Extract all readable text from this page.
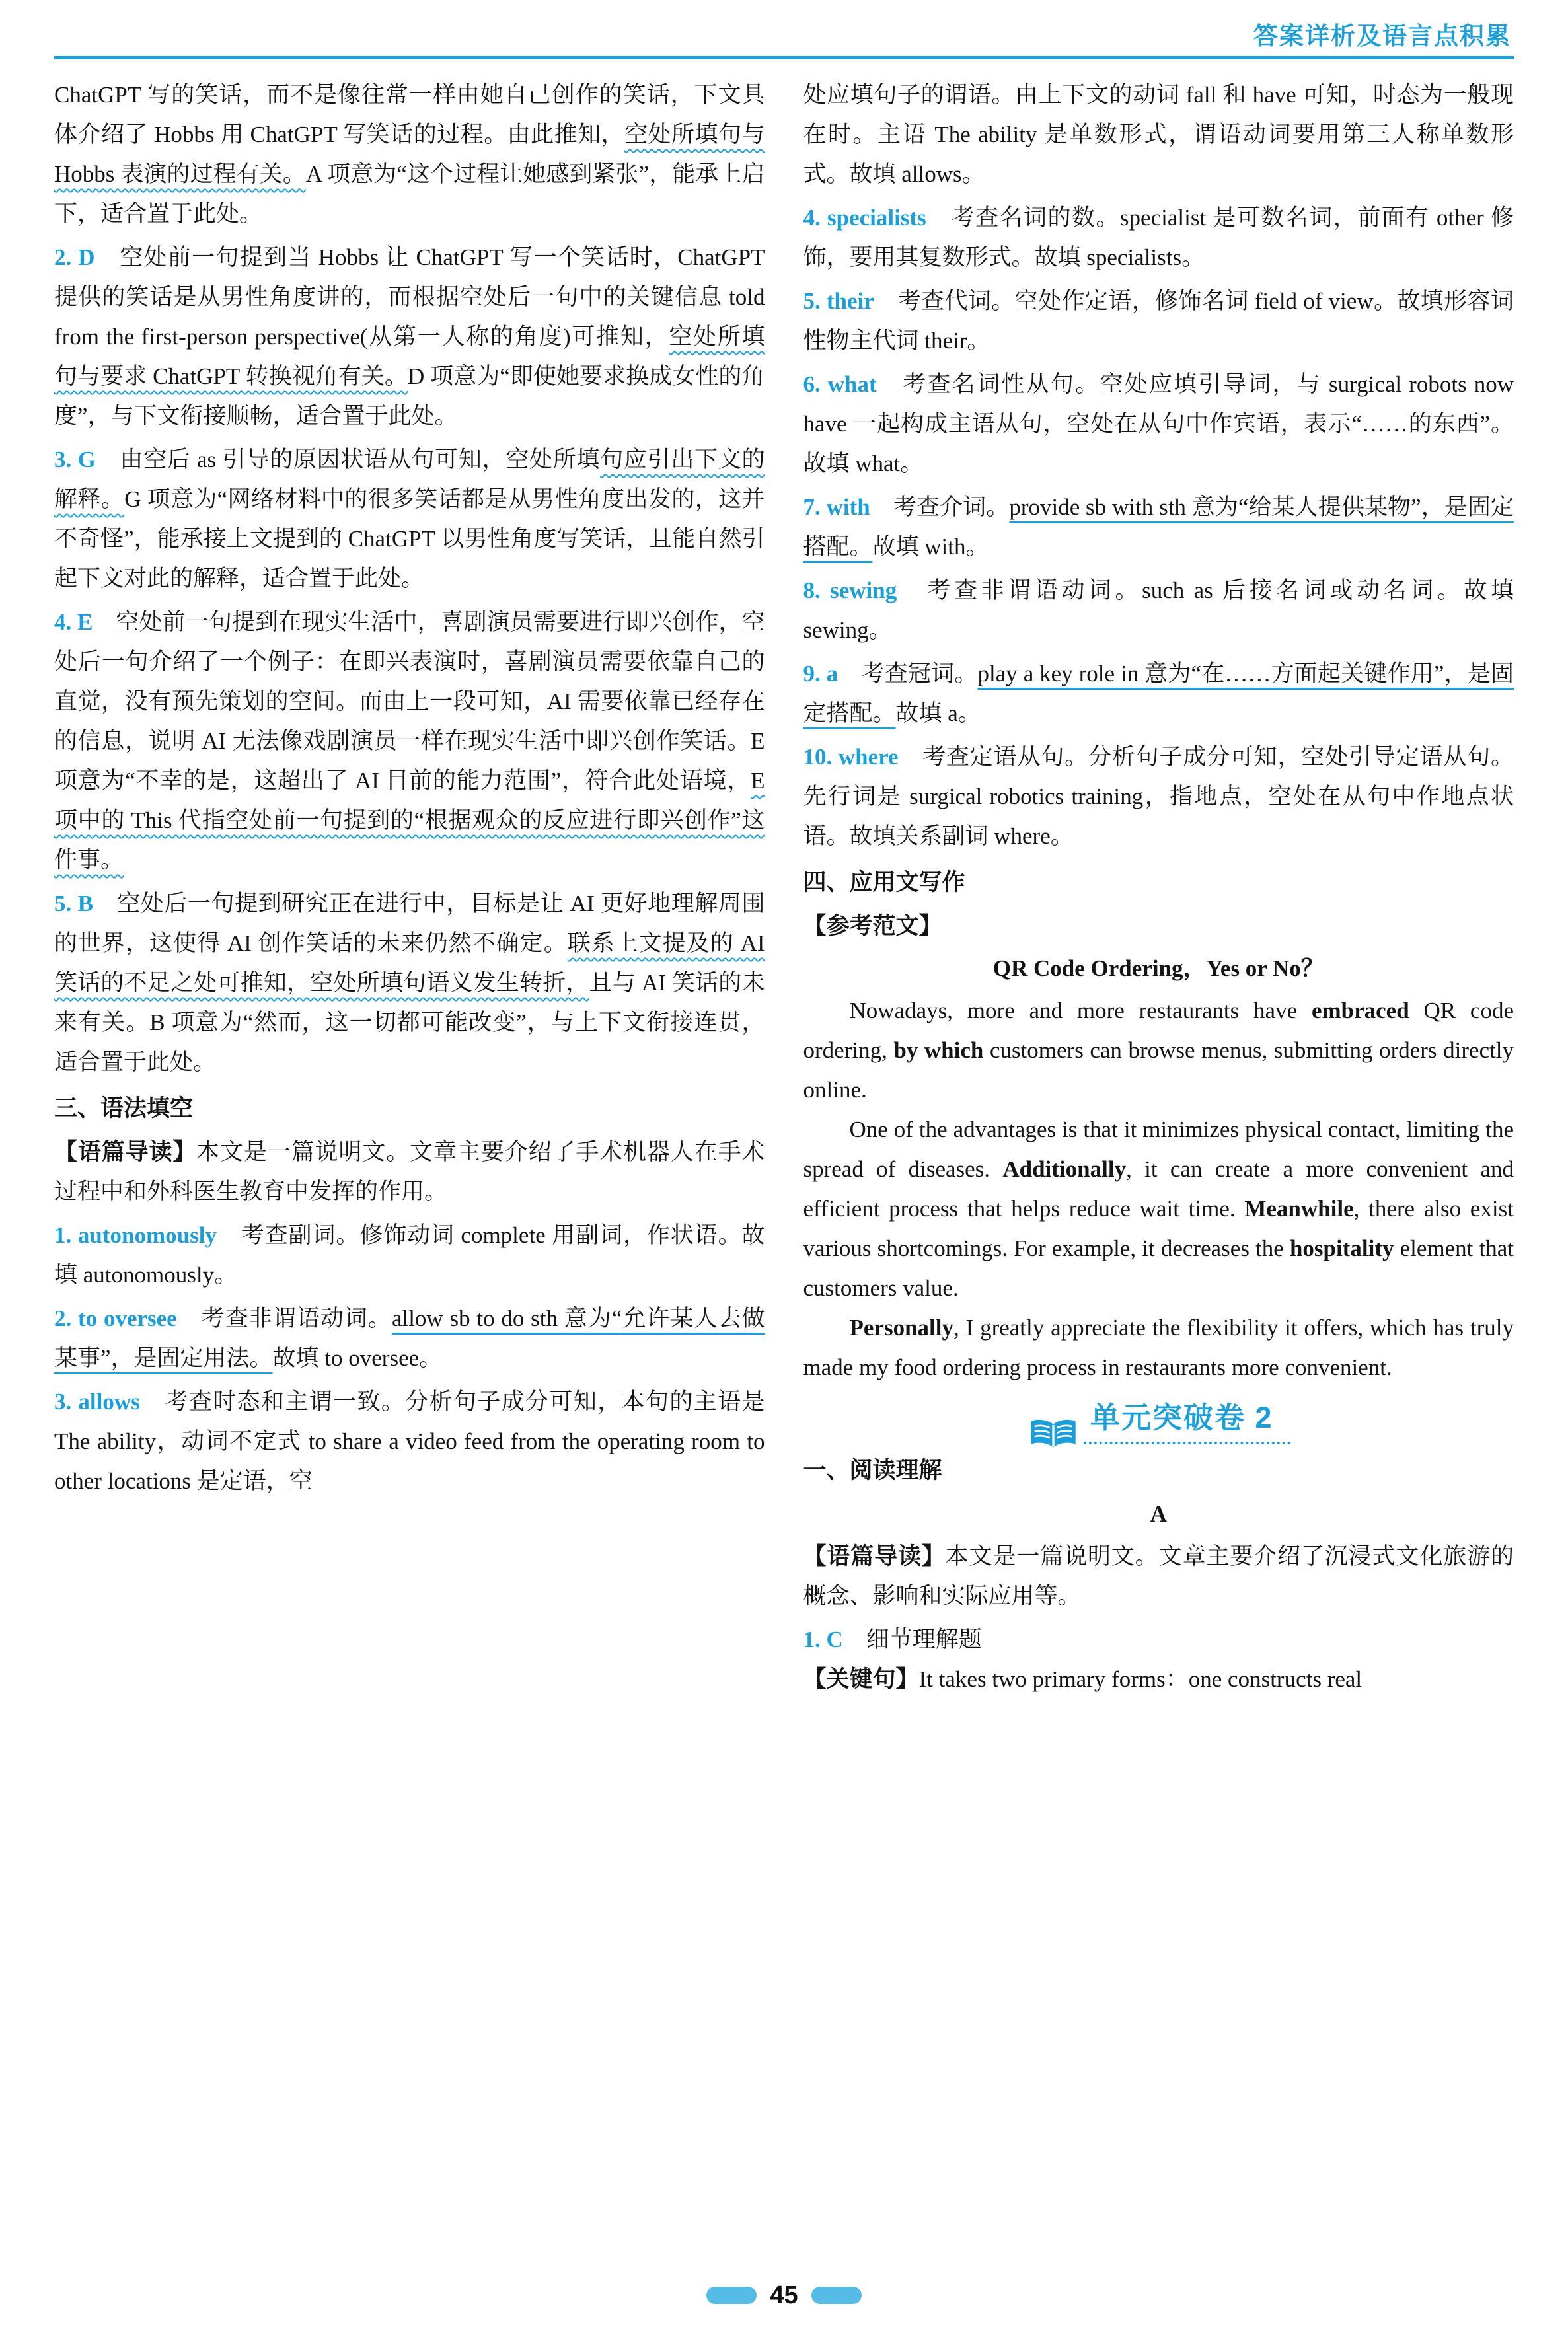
答案详析及语言点积累
ChatGPT 写的笑话，而不是像往常一样由她自己创作的笑话，下文具体介绍了 Hobbs 用 ChatGPT 写笑话的过程。由此推知，空处所填句与 Hobbs 表演的过程有关。A 项意为“这个过程让她感到紧张”，能承上启下，适合置于此处。
2. D　空处前一句提到当 Hobbs 让 ChatGPT 写一个笑话时，ChatGPT 提供的笑话是从男性角度讲的，而根据空处后一句中的关键信息 told from the first-person perspective(从第一人称的角度)可推知，空处所填句与要求 ChatGPT 转换视角有关。D 项意为“即使她要求换成女性的角度”，与下文衔接顺畅，适合置于此处。
3. G　由空后 as 引导的原因状语从句可知，空处所填句应引出下文的解释。G 项意为“网络材料中的很多笑话都是从男性角度出发的，这并不奇怪”，能承接上文提到的 ChatGPT 以男性角度写笑话，且能自然引起下文对此的解释，适合置于此处。
4. E　空处前一句提到在现实生活中，喜剧演员需要进行即兴创作，空处后一句介绍了一个例子：在即兴表演时，喜剧演员需要依靠自己的直觉，没有预先策划的空间。而由上一段可知，AI 需要依靠已经存在的信息，说明 AI 无法像戏剧演员一样在现实生活中即兴创作笑话。E 项意为“不幸的是，这超出了 AI 目前的能力范围”，符合此处语境，E 项中的 This 代指空处前一句提到的“根据观众的反应进行即兴创作”这件事。
5. B　空处后一句提到研究正在进行中，目标是让 AI 更好地理解周围的世界，这使得 AI 创作笑话的未来仍然不确定。联系上文提及的 AI 笑话的不足之处可推知，空处所填句语义发生转折，且与 AI 笑话的未来有关。B 项意为“然而，这一切都可能改变”，与上下文衔接连贯，适合置于此处。
三、语法填空
【语篇导读】本文是一篇说明文。文章主要介绍了手术机器人在手术过程中和外科医生教育中发挥的作用。
1. autonomously　考查副词。修饰动词 complete 用副词，作状语。故填 autonomously。
2. to oversee　考查非谓语动词。allow sb to do sth 意为“允许某人去做某事”，是固定用法。故填 to oversee。
3. allows　考查时态和主谓一致。分析句子成分可知，本句的主语是 The ability，动词不定式 to share a video feed from the operating room to other locations 是定语，空
处应填句子的谓语。由上下文的动词 fall 和 have 可知，时态为一般现在时。主语 The ability 是单数形式，谓语动词要用第三人称单数形式。故填 allows。
4. specialists　考查名词的数。specialist 是可数名词，前面有 other 修饰，要用其复数形式。故填 specialists。
5. their　考查代词。空处作定语，修饰名词 field of view。故填形容词性物主代词 their。
6. what　考查名词性从句。空处应填引导词，与 surgical robots now have 一起构成主语从句，空处在从句中作宾语，表示“……的东西”。故填 what。
7. with　考查介词。provide sb with sth 意为“给某人提供某物”，是固定搭配。故填 with。
8. sewing　考查非谓语动词。such as 后接名词或动名词。故填 sewing。
9. a　考查冠词。play a key role in 意为“在……方面起关键作用”，是固定搭配。故填 a。
10. where　考查定语从句。分析句子成分可知，空处引导定语从句。先行词是 surgical robotics training，指地点，空处在从句中作地点状语。故填关系副词 where。
四、应用文写作
【参考范文】
QR Code Ordering，Yes or No？
Nowadays, more and more restaurants have embraced QR code ordering, by which customers can browse menus, submitting orders directly online.
One of the advantages is that it minimizes physical contact, limiting the spread of diseases. Additionally, it can create a more convenient and efficient process that helps reduce wait time. Meanwhile, there also exist various shortcomings. For example, it decreases the hospitality element that customers value.
Personally, I greatly appreciate the flexibility it offers, which has truly made my food ordering process in restaurants more convenient.
单元突破卷 2
一、阅读理解
A
【语篇导读】本文是一篇说明文。文章主要介绍了沉浸式文化旅游的概念、影响和实际应用等。
1. C　细节理解题
【关键句】It takes two primary forms：one constructs real
45
